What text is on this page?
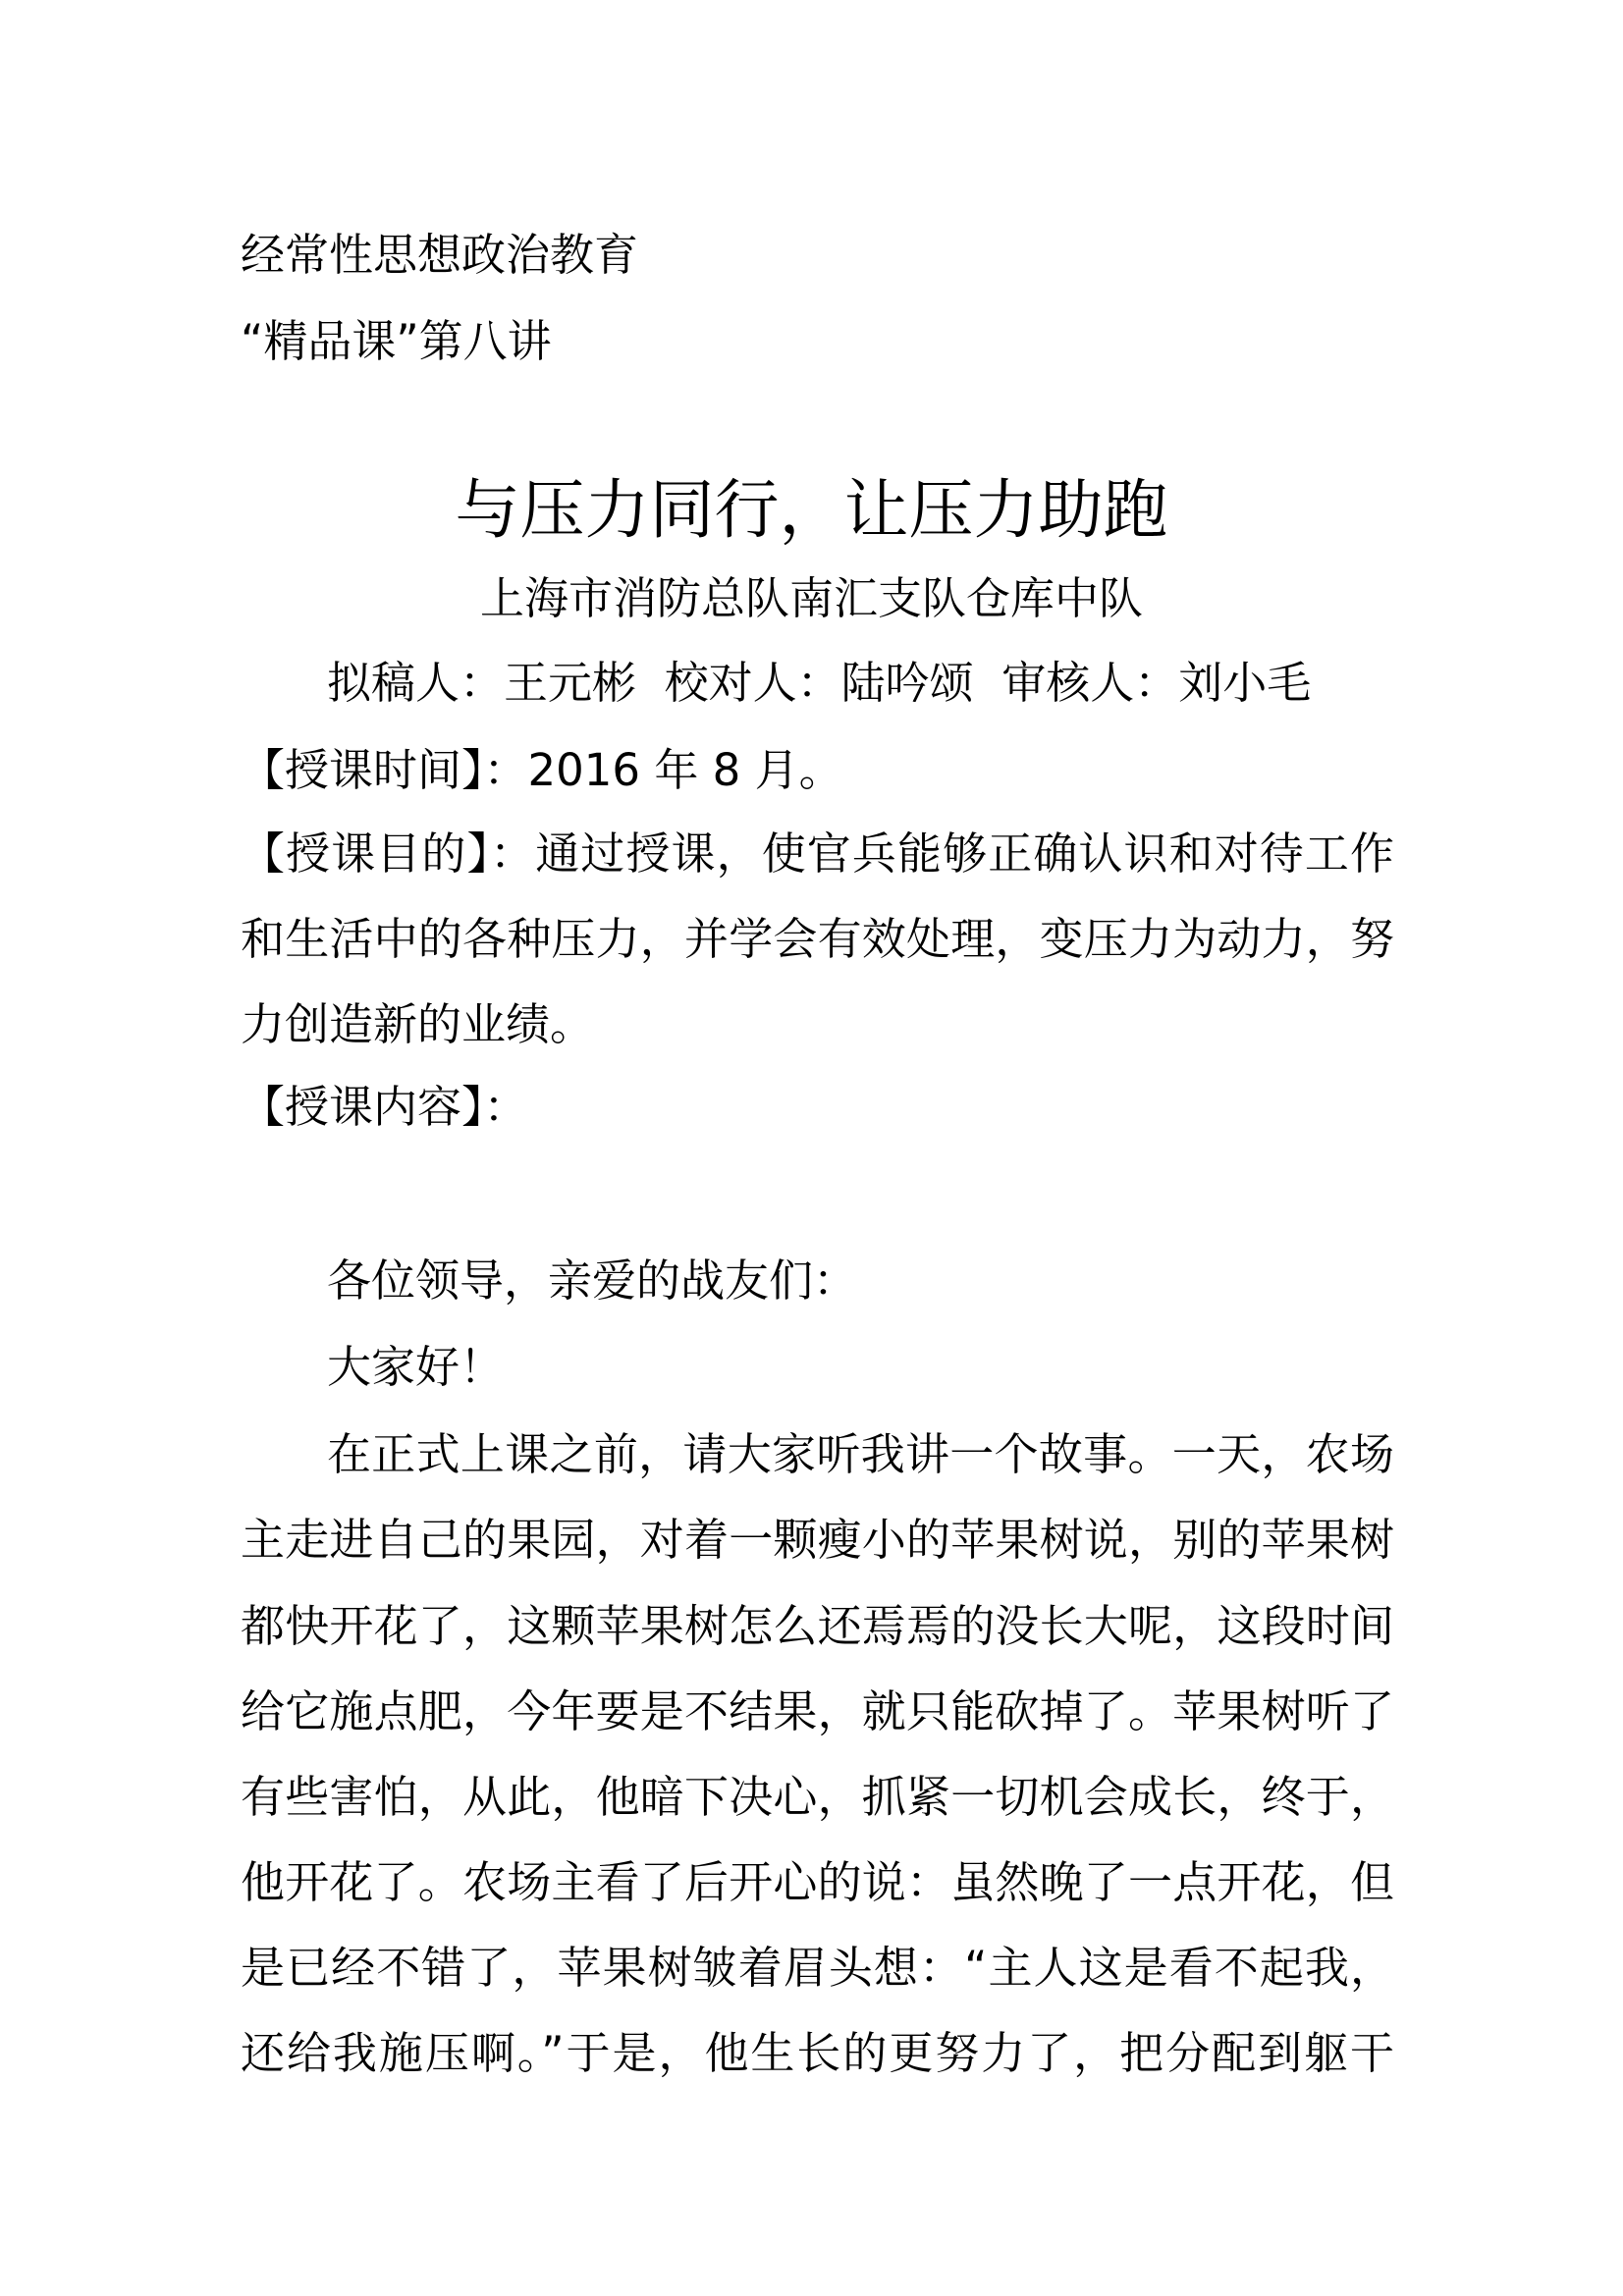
经常性思想政治教育
“精品课”第八讲
与压力同行，让压力助跑
上海市消防总队南汇支队仓库中队
拟稿人：王元彬  校对人：陆吟颂  审核人：刘小毛
【授课时间】：2016 年 8 月。
【授课目的】：通过授课，使官兵能够正确认识和对待工作
和生活中的各种压力，并学会有效处理，变压力为动力，努
力创造新的业绩。
【授课内容】：
各位领导，亲爱的战友们：
大家好！
在正式上课之前，请大家听我讲一个故事。一天，农场
主走进自己的果园，对着一颗瘦小的苹果树说，别的苹果树
都快开花了，这颗苹果树怎么还焉焉的没长大呢，这段时间
给它施点肥，今年要是不结果，就只能砍掉了。苹果树听了
有些害怕，从此，他暗下决心，抓紧一切机会成长，终于，
他开花了。农场主看了后开心的说：虽然晚了一点开花，但
是已经不错了，苹果树皱着眉头想：“主人这是看不起我，
还给我施压啊。”于是，他生长的更努力了，把分配到躯干
